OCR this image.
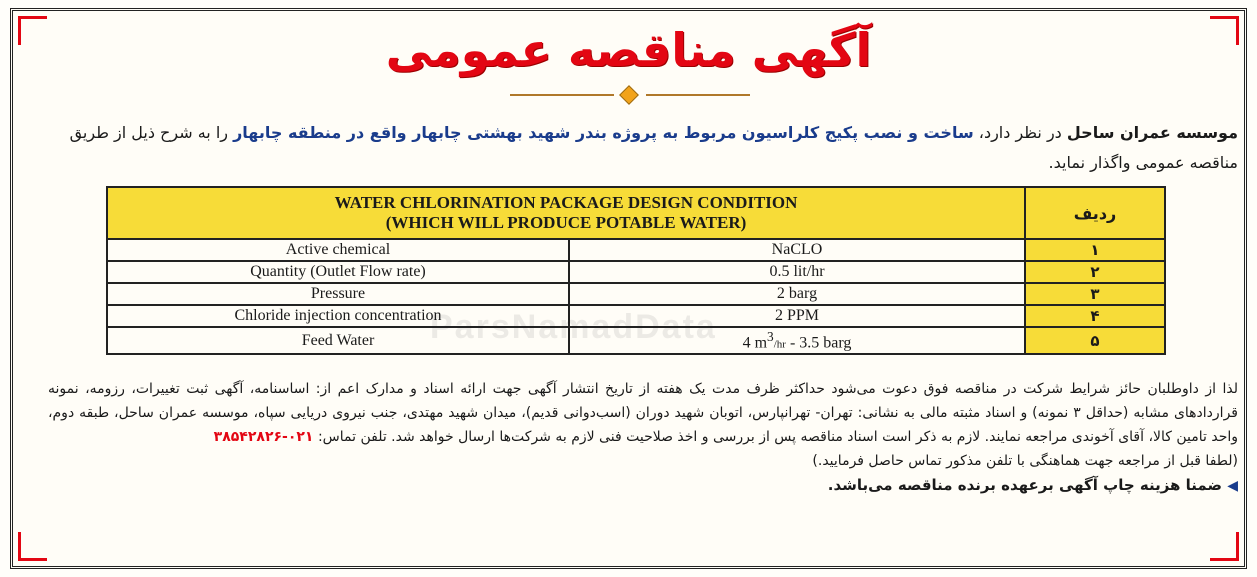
آگهی مناقصه عمومی
موسسه عمران ساحل در نظر دارد، ساخت و نصب پکیج کلراسیون مربوط به پروژه بندر شهید بهشتی چابهار واقع در منطقه چابهار را به شرح ذیل از طریق مناقصه عمومی واگذار نماید.
WATER CHLORINATION PACKAGE DESIGN CONDITION
(WHICH WILL PRODUCE POTABLE WATER)		ردیف
Active chemical	NaCLO	۱
Quantity (Outlet Flow rate)	0.5 lit/hr	۲
Pressure	2 barg	۳
Chloride injection concentration	2 PPM	۴
Feed Water	4 $m^3/hr - 3.5$ barg	۵

لذا از داوطلبان حائز شرایط شرکت در مناقصه فوق دعوت می‌شود حداکثر ظرف مدت یک هفته از تاریخ انتشار آگهی جهت ارائه اسناد و مدارک اعم از: اساسنامه، آگهی ثبت تغییرات، رزومه، نمونه قراردادهای مشابه (حداقل ۳ نمونه) و اسناد مثبته مالی به نشانی: تهران- تهرانپارس، اتوبان شهید دوران (اسب‌دوانی قدیم)، میدان شهید مهتدی، جنب نیروی دریایی سپاه، موسسه عمران ساحل، طبقه دوم، واحد تامین کالا، آقای آخوندی مراجعه نمایند. لازم به ذکر است اسناد مناقصه پس از بررسی و اخذ صلاحیت فنی لازم به شرکت‌ها ارسال خواهد شد. تلفن تماس: ۰۲۱-۳۸۵۴۲۸۲۶

(لطفا قبل از مراجعه جهت هماهنگی با تلفن مذکور تماس حاصل فرمایید.)

◀ ضمنا هزینه چاپ آگهی برعهده برنده مناقصه می‌باشد.
